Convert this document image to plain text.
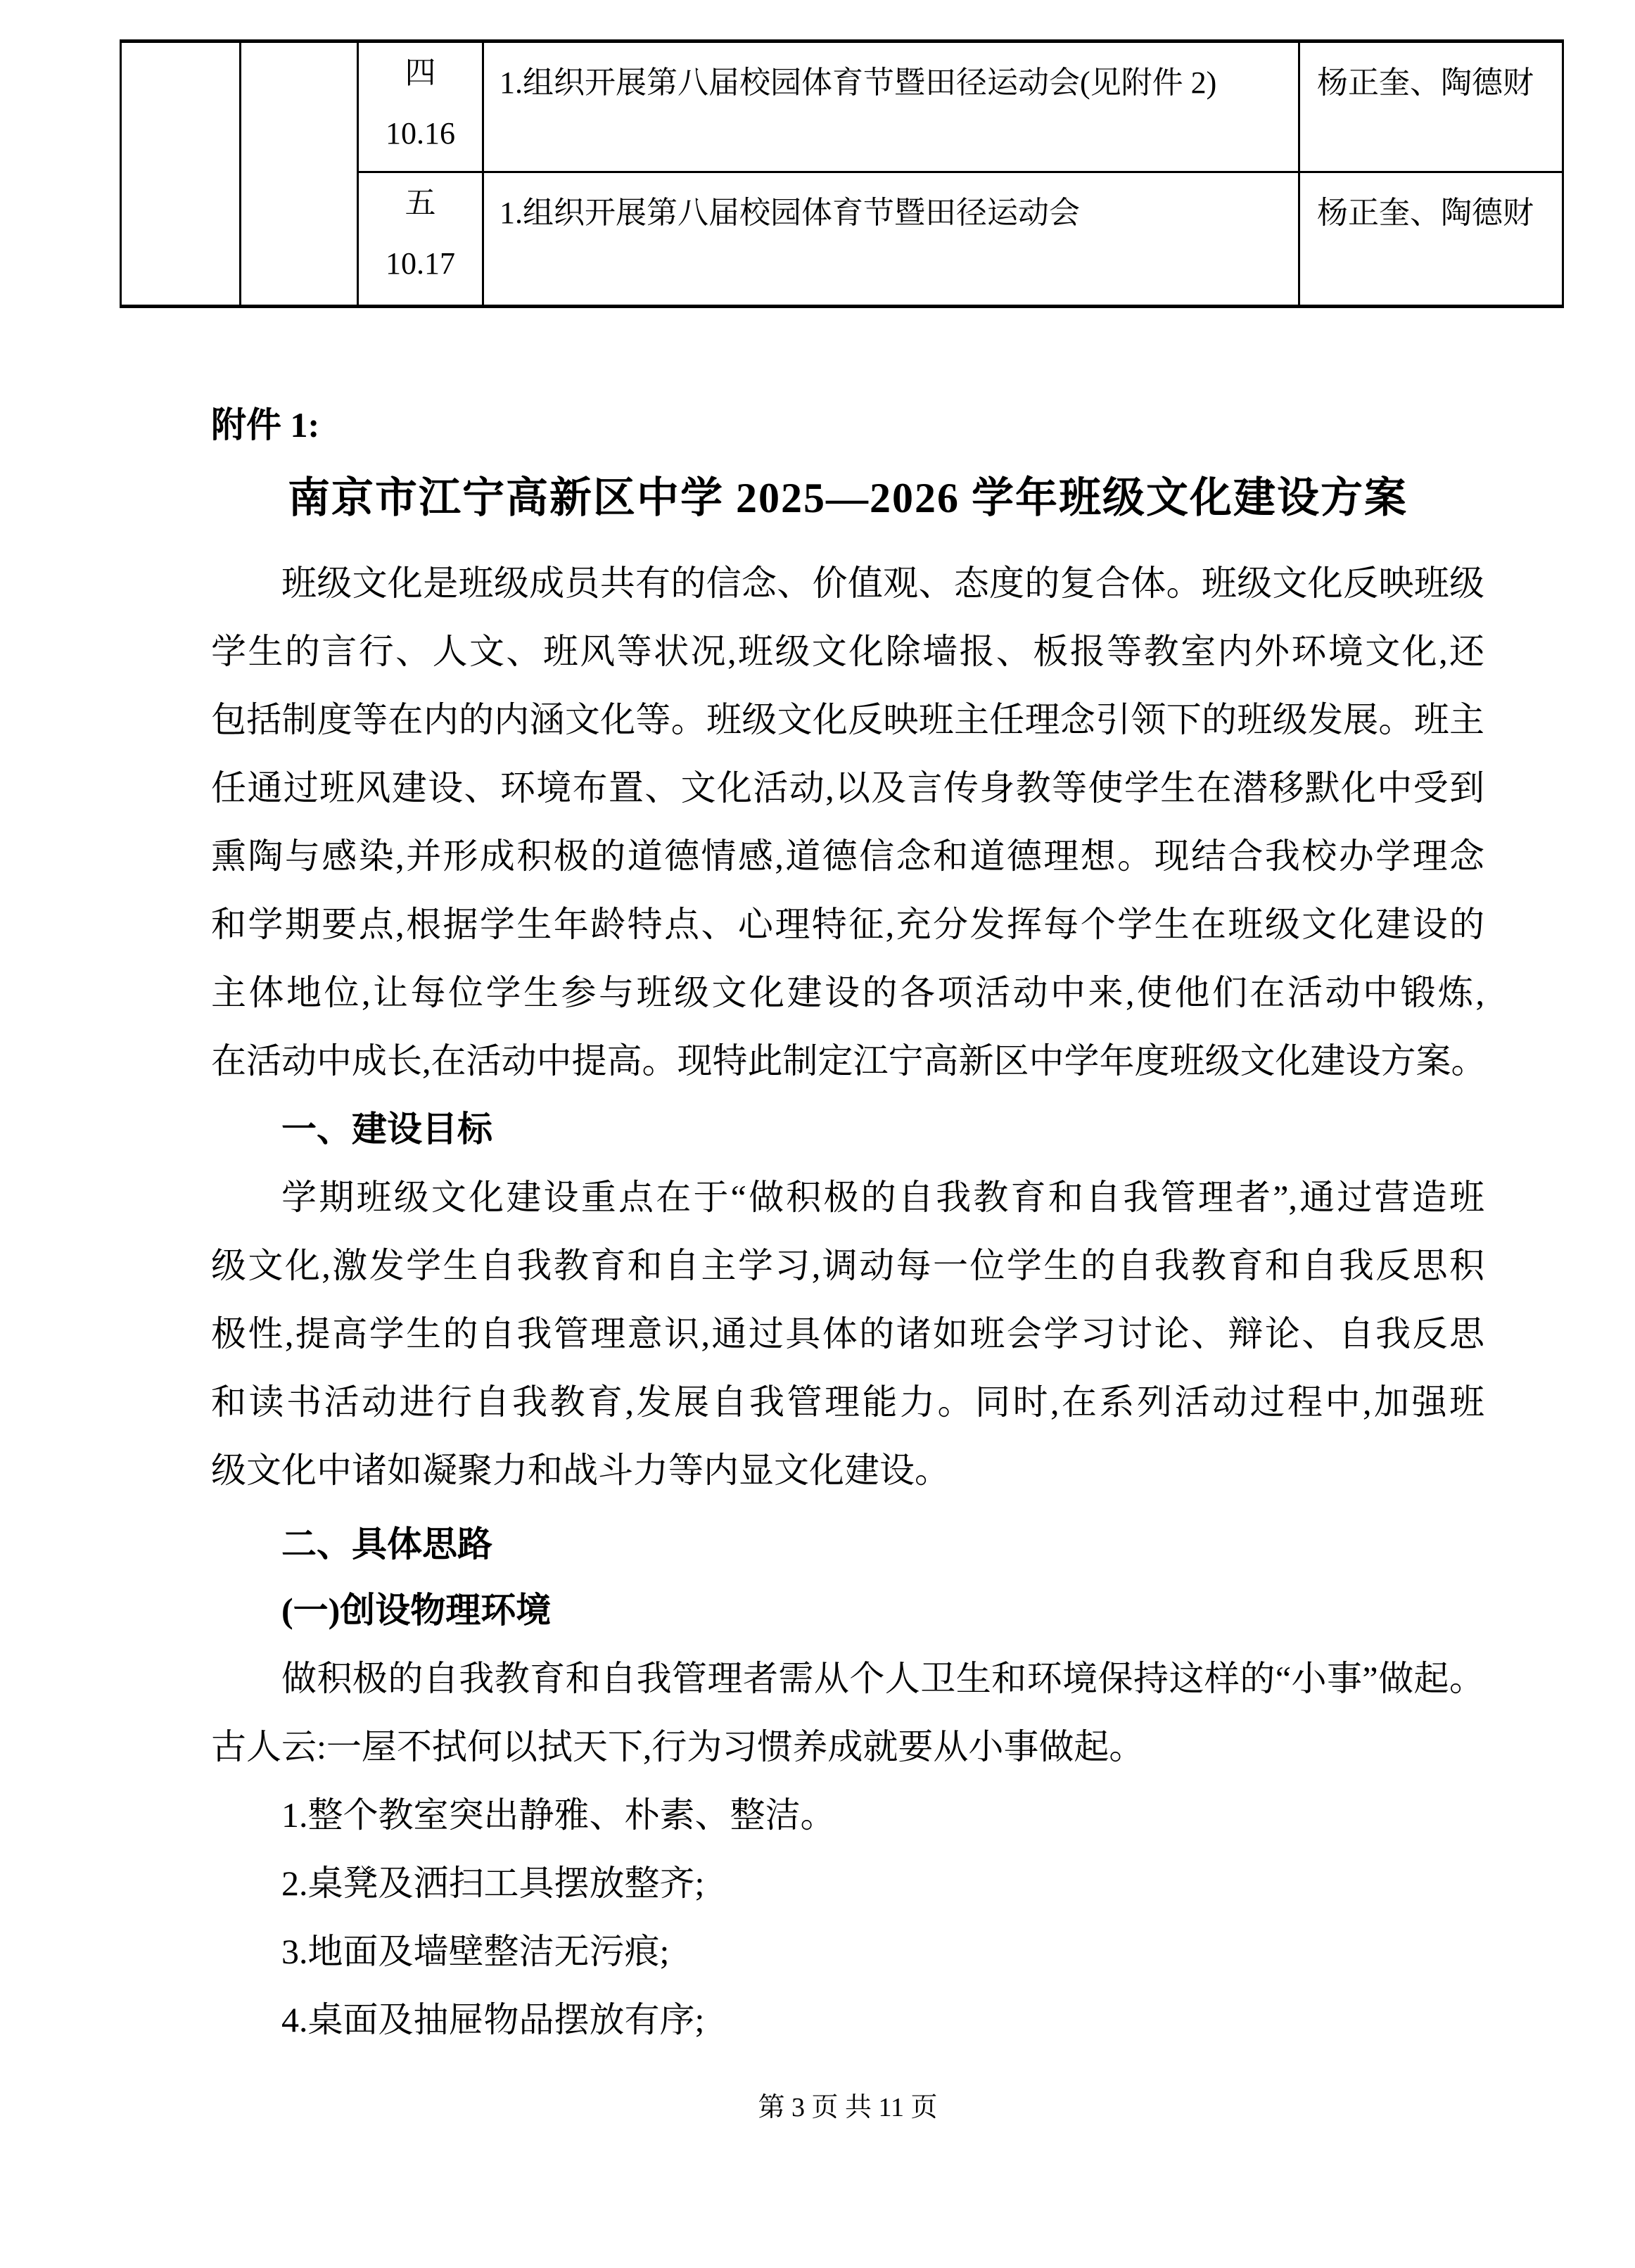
		四
10.16	1.组织开展第八届校园体育节暨田径运动会(见附件 2)	杨正奎、陶德财

		五
10.17	1.组织开展第八届校园体育节暨田径运动会	杨正奎、陶德财
附件 1:
南京市江宁高新区中学 2025—2026 学年班级文化建设方案
班级文化是班级成员共有的信念、价值观、态度的复合体。班级文化反映班级
学生的言行、人文、班风等状况,班级文化除墙报、板报等教室内外环境文化,还
包括制度等在内的内涵文化等。班级文化反映班主任理念引领下的班级发展。班主
任通过班风建设、环境布置、文化活动,以及言传身教等使学生在潜移默化中受到
熏陶与感染,并形成积极的道德情感,道德信念和道德理想。现结合我校办学理念
和学期要点,根据学生年龄特点、心理特征,充分发挥每个学生在班级文化建设的
主体地位,让每位学生参与班级文化建设的各项活动中来,使他们在活动中锻炼,
在活动中成长,在活动中提高。现特此制定江宁高新区中学年度班级文化建设方案。
一、建设目标
学期班级文化建设重点在于“做积极的自我教育和自我管理者”,通过营造班
级文化,激发学生自我教育和自主学习,调动每一位学生的自我教育和自我反思积
极性,提高学生的自我管理意识,通过具体的诸如班会学习讨论、辩论、自我反思
和读书活动进行自我教育,发展自我管理能力。同时,在系列活动过程中,加强班
级文化中诸如凝聚力和战斗力等内显文化建设。
二、具体思路
(一)创设物理环境
做积极的自我教育和自我管理者需从个人卫生和环境保持这样的“小事”做起。
古人云:一屋不拭何以拭天下,行为习惯养成就要从小事做起。
1.整个教室突出静雅、朴素、整洁。
2.桌凳及洒扫工具摆放整齐;
3.地面及墙壁整洁无污痕;
4.桌面及抽屉物品摆放有序;
第 3 页 共 11 页
